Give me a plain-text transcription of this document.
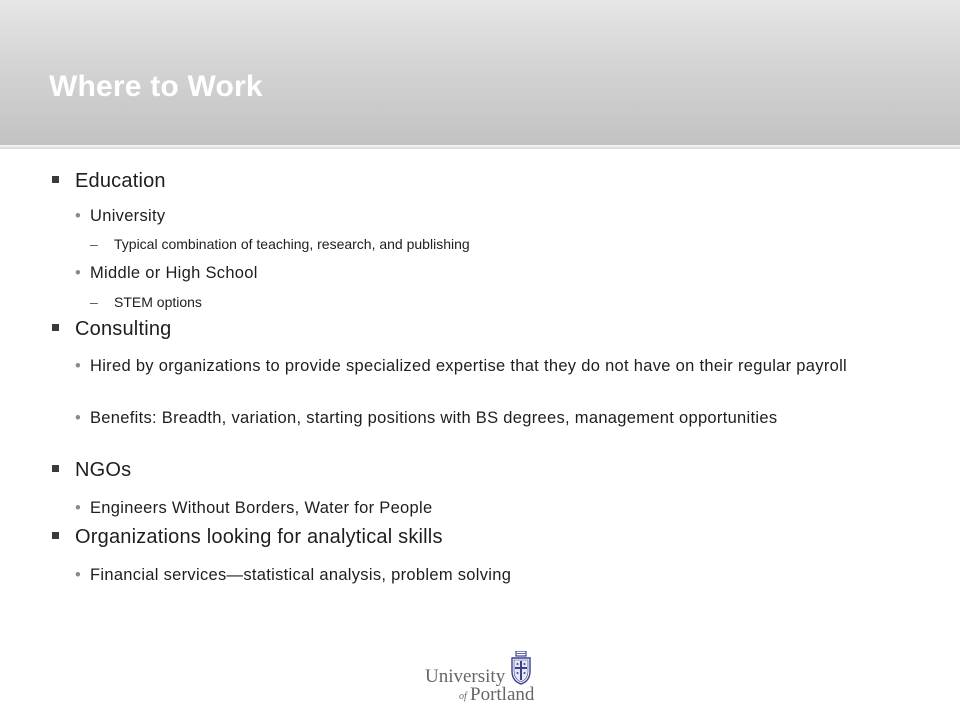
Where to Work
Education
• University
– Typical combination of teaching, research, and publishing
• Middle or High School
– STEM options
Consulting
• Hired by organizations to provide specialized expertise that they do not have on their regular payroll
• Benefits: Breadth, variation, starting positions with BS degrees, management opportunities
NGOs
• Engineers Without Borders, Water for People
Organizations looking for analytical skills
• Financial services—statistical analysis, problem solving
University
of Portland
